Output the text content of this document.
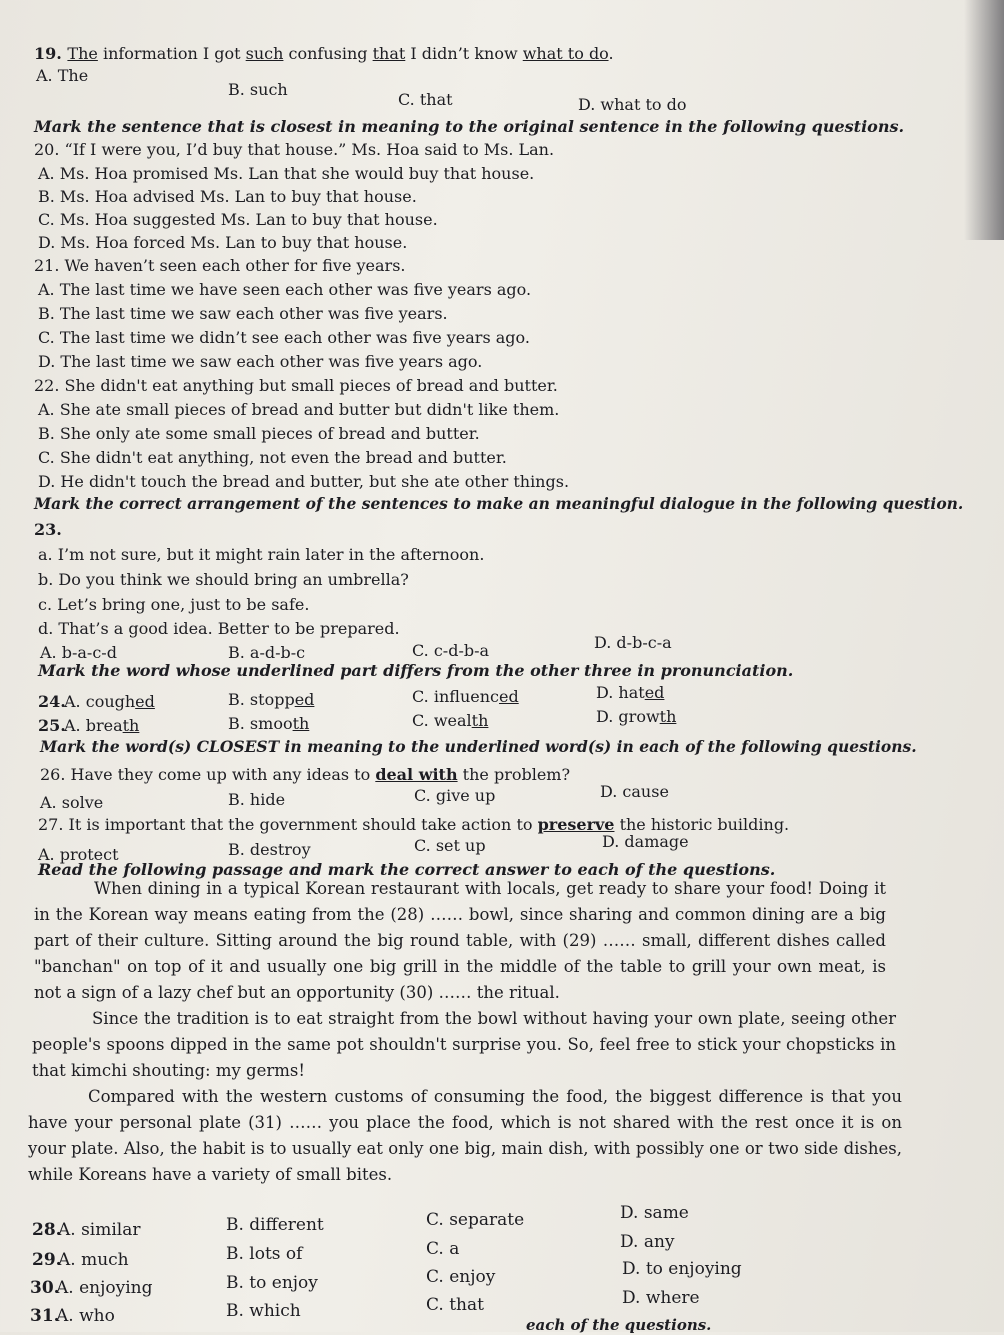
19. The information I got such confusing that I didn’t know what to do.
A. The
B. such
C. that	D. what to do
Mark the sentence that is closest in meaning to the original sentence in the following questions.
20. “If I were you, I’d buy that house.” Ms. Hoa said to Ms. Lan.
A. Ms. Hoa promised Ms. Lan that she would buy that house.
B. Ms. Hoa advised Ms. Lan to buy that house.
C. Ms. Hoa suggested Ms. Lan to buy that house.
D. Ms. Hoa forced Ms. Lan to buy that house.
21. We haven’t seen each other for five years.
A. The last time we have seen each other was five years ago.
B. The last time we saw each other was five years.
C. The last time we didn’t see each other was five years ago.
D. The last time we saw each other was five years ago.
22. She didn't eat anything but small pieces of bread and butter.
A. She ate small pieces of bread and butter but didn't like them.
B. She only ate some small pieces of bread and butter.
C. She didn't eat anything, not even the bread and butter.
D. He didn't touch the bread and butter, but she ate other things.
Mark the correct arrangement of the sentences to make an meaningful dialogue in the following question.
23.
a. I’m not sure, but it might rain later in the afternoon.
b. Do you think we should bring an umbrella?
c. Let’s bring one, just to be safe.
d. That’s a good idea. Better to be prepared.
A. b-a-c-d	B. a-d-b-c	C. c-d-b-a	D. d-b-c-a
Mark the word whose underlined part differs from the other three in pronunciation.
24.
A. coughed	B. stopped	C. influenced	D. hated
25.
A. breath	B. smooth	C. wealth	D. growth
Mark the word(s) CLOSEST in meaning to the underlined word(s) in each of the following questions.
26. Have they come up with any ideas to deal with the problem?
A. solve	B. hide	C. give up	D. cause
27. It is important that the government should take action to preserve the historic building.
A. protect	B. destroy	C. set up	D. damage
Read the following passage and mark the correct answer to each of the questions.
When dining in a typical Korean restaurant with locals, get ready to share your food! Doing it in the Korean way means eating from the (28) …… bowl, since sharing and common dining are a big part of their culture. Sitting around the big round table, with (29) …… small, different dishes called "banchan" on top of it and usually one big grill in the middle of the table to grill your own meat, is not a sign of a lazy chef but an opportunity (30) …… the ritual.
Since the tradition is to eat straight from the bowl without having your own plate, seeing other people's spoons dipped in the same pot shouldn't surprise you. So, feel free to stick your chopsticks in that kimchi shouting: my germs!
Compared with the western customs of consuming the food, the biggest difference is that you have your personal plate (31) …… you place the food, which is not shared with the rest once it is on your plate. Also, the habit is to usually eat only one big, main dish, with possibly one or two side dishes, while Koreans have a variety of small bites.
28.
A. similar	B. different	C. separate	D. same
29.
A. much	B. lots of	C. a	D. any
30.
A. enjoying	B. to enjoy	C. enjoy	D. to enjoying
31.
A. who	B. which	C. that	D. where
each of the questions.
